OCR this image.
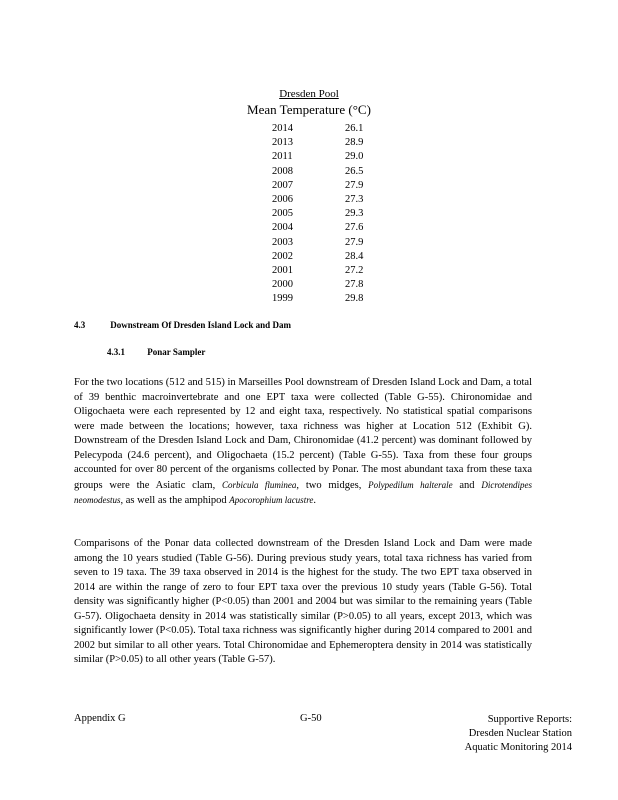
Dresden Pool
Mean Temperature (°C)
2014	26.1
2013	28.9
2011	29.0
2008	26.5
2007	27.9
2006	27.3
2005	29.3
2004	27.6
2003	27.9
2002	28.4
2001	27.2
2000	27.8
1999	29.8
4.3	Downstream Of Dresden Island Lock and Dam
4.3.1 Ponar Sampler
For the two locations (512 and 515) in Marseilles Pool downstream of Dresden Island Lock and Dam, a total of 39 benthic macroinvertebrate and one EPT taxa were collected (Table G-55). Chironomidae and Oligochaeta were each represented by 12 and eight taxa, respectively. No statistical spatial comparisons were made between the locations; however, taxa richness was higher at Location 512 (Exhibit G). Downstream of the Dresden Island Lock and Dam, Chironomidae (41.2 percent) was dominant followed by Pelecypoda (24.6 percent), and Oligochaeta (15.2 percent) (Table G-55). Taxa from these four groups accounted for over 80 percent of the organisms collected by Ponar. The most abundant taxa from these taxa groups were the Asiatic clam, Corbicula fluminea, two midges, Polypedilum halterale and Dicrotendipes neomodestus, as well as the amphipod Apocorophium lacustre.
Comparisons of the Ponar data collected downstream of the Dresden Island Lock and Dam were made among the 10 years studied (Table G-56). During previous study years, total taxa richness has varied from seven to 19 taxa. The 39 taxa observed in 2014 is the highest for the study. The two EPT taxa observed in 2014 are within the range of zero to four EPT taxa over the previous 10 study years (Table G-56). Total density was significantly higher (P<0.05) than 2001 and 2004 but was similar to the remaining years (Table G-57). Oligochaeta density in 2014 was statistically similar (P>0.05) to all years, except 2013, which was significantly lower (P<0.05). Total taxa richness was significantly higher during 2014 compared to 2001 and 2002 but similar to all other years. Total Chironomidae and Ephemeroptera density in 2014 was statistically similar (P>0.05) to all other years (Table G-57).
Appendix G	G-50	Supportive Reports:
Dresden Nuclear Station
Aquatic Monitoring 2014
